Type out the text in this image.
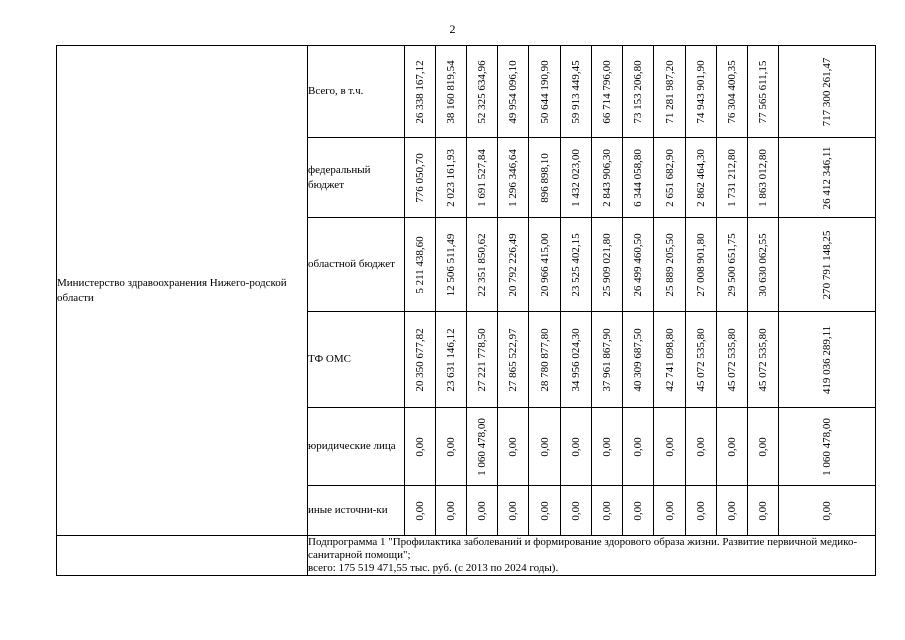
2
Министерство здравоохранения Нижего-родской области	Всего, в т.ч.	26 338 167,12	38 160 819,54	52 325 634,96	49 954 096,10	50 644 190,90	59 913 449,45	66 714 796,00	73 153 206,80	71 281 987,20	74 943 901,90	76 304 400,35	77 565 611,15	717 300 261,47

	федеральный бюджет	776 050,70	2 023 161,93	1 691 527,84	1 296 346,64	896 898,10	1 432 023,00	2 843 906,30	6 344 058,80	2 651 682,90	2 862 464,30	1 731 212,80	1 863 012,80	26 412 346,11

	областной бюджет	5 211 438,60	12 506 511,49	22 351 850,62	20 792 226,49	20 966 415,00	23 525 402,15	25 909 021,80	26 499 460,50	25 889 205,50	27 008 901,80	29 500 651,75	30 630 062,55	270 791 148,25

	ТФ ОМС	20 350 677,82	23 631 146,12	27 221 778,50	27 865 522,97	28 780 877,80	34 956 024,30	37 961 867,90	40 309 687,50	42 741 098,80	45 072 535,80	45 072 535,80	45 072 535,80	419 036 289,11

	юридические лица	0,00	0,00	1 060 478,00	0,00	0,00	0,00	0,00	0,00	0,00	0,00	0,00	0,00	1 060 478,00

	иные источни-ки	0,00	0,00	0,00	0,00	0,00	0,00	0,00	0,00	0,00	0,00	0,00	0,00	0,00

	Подпрограмма 1 "Профилактика заболеваний и формирование здорового образа жизни. Развитие первичной медико-санитарной помощи";
всего: 175 519 471,55 тыс. руб. (с 2013 по 2024 годы).													
